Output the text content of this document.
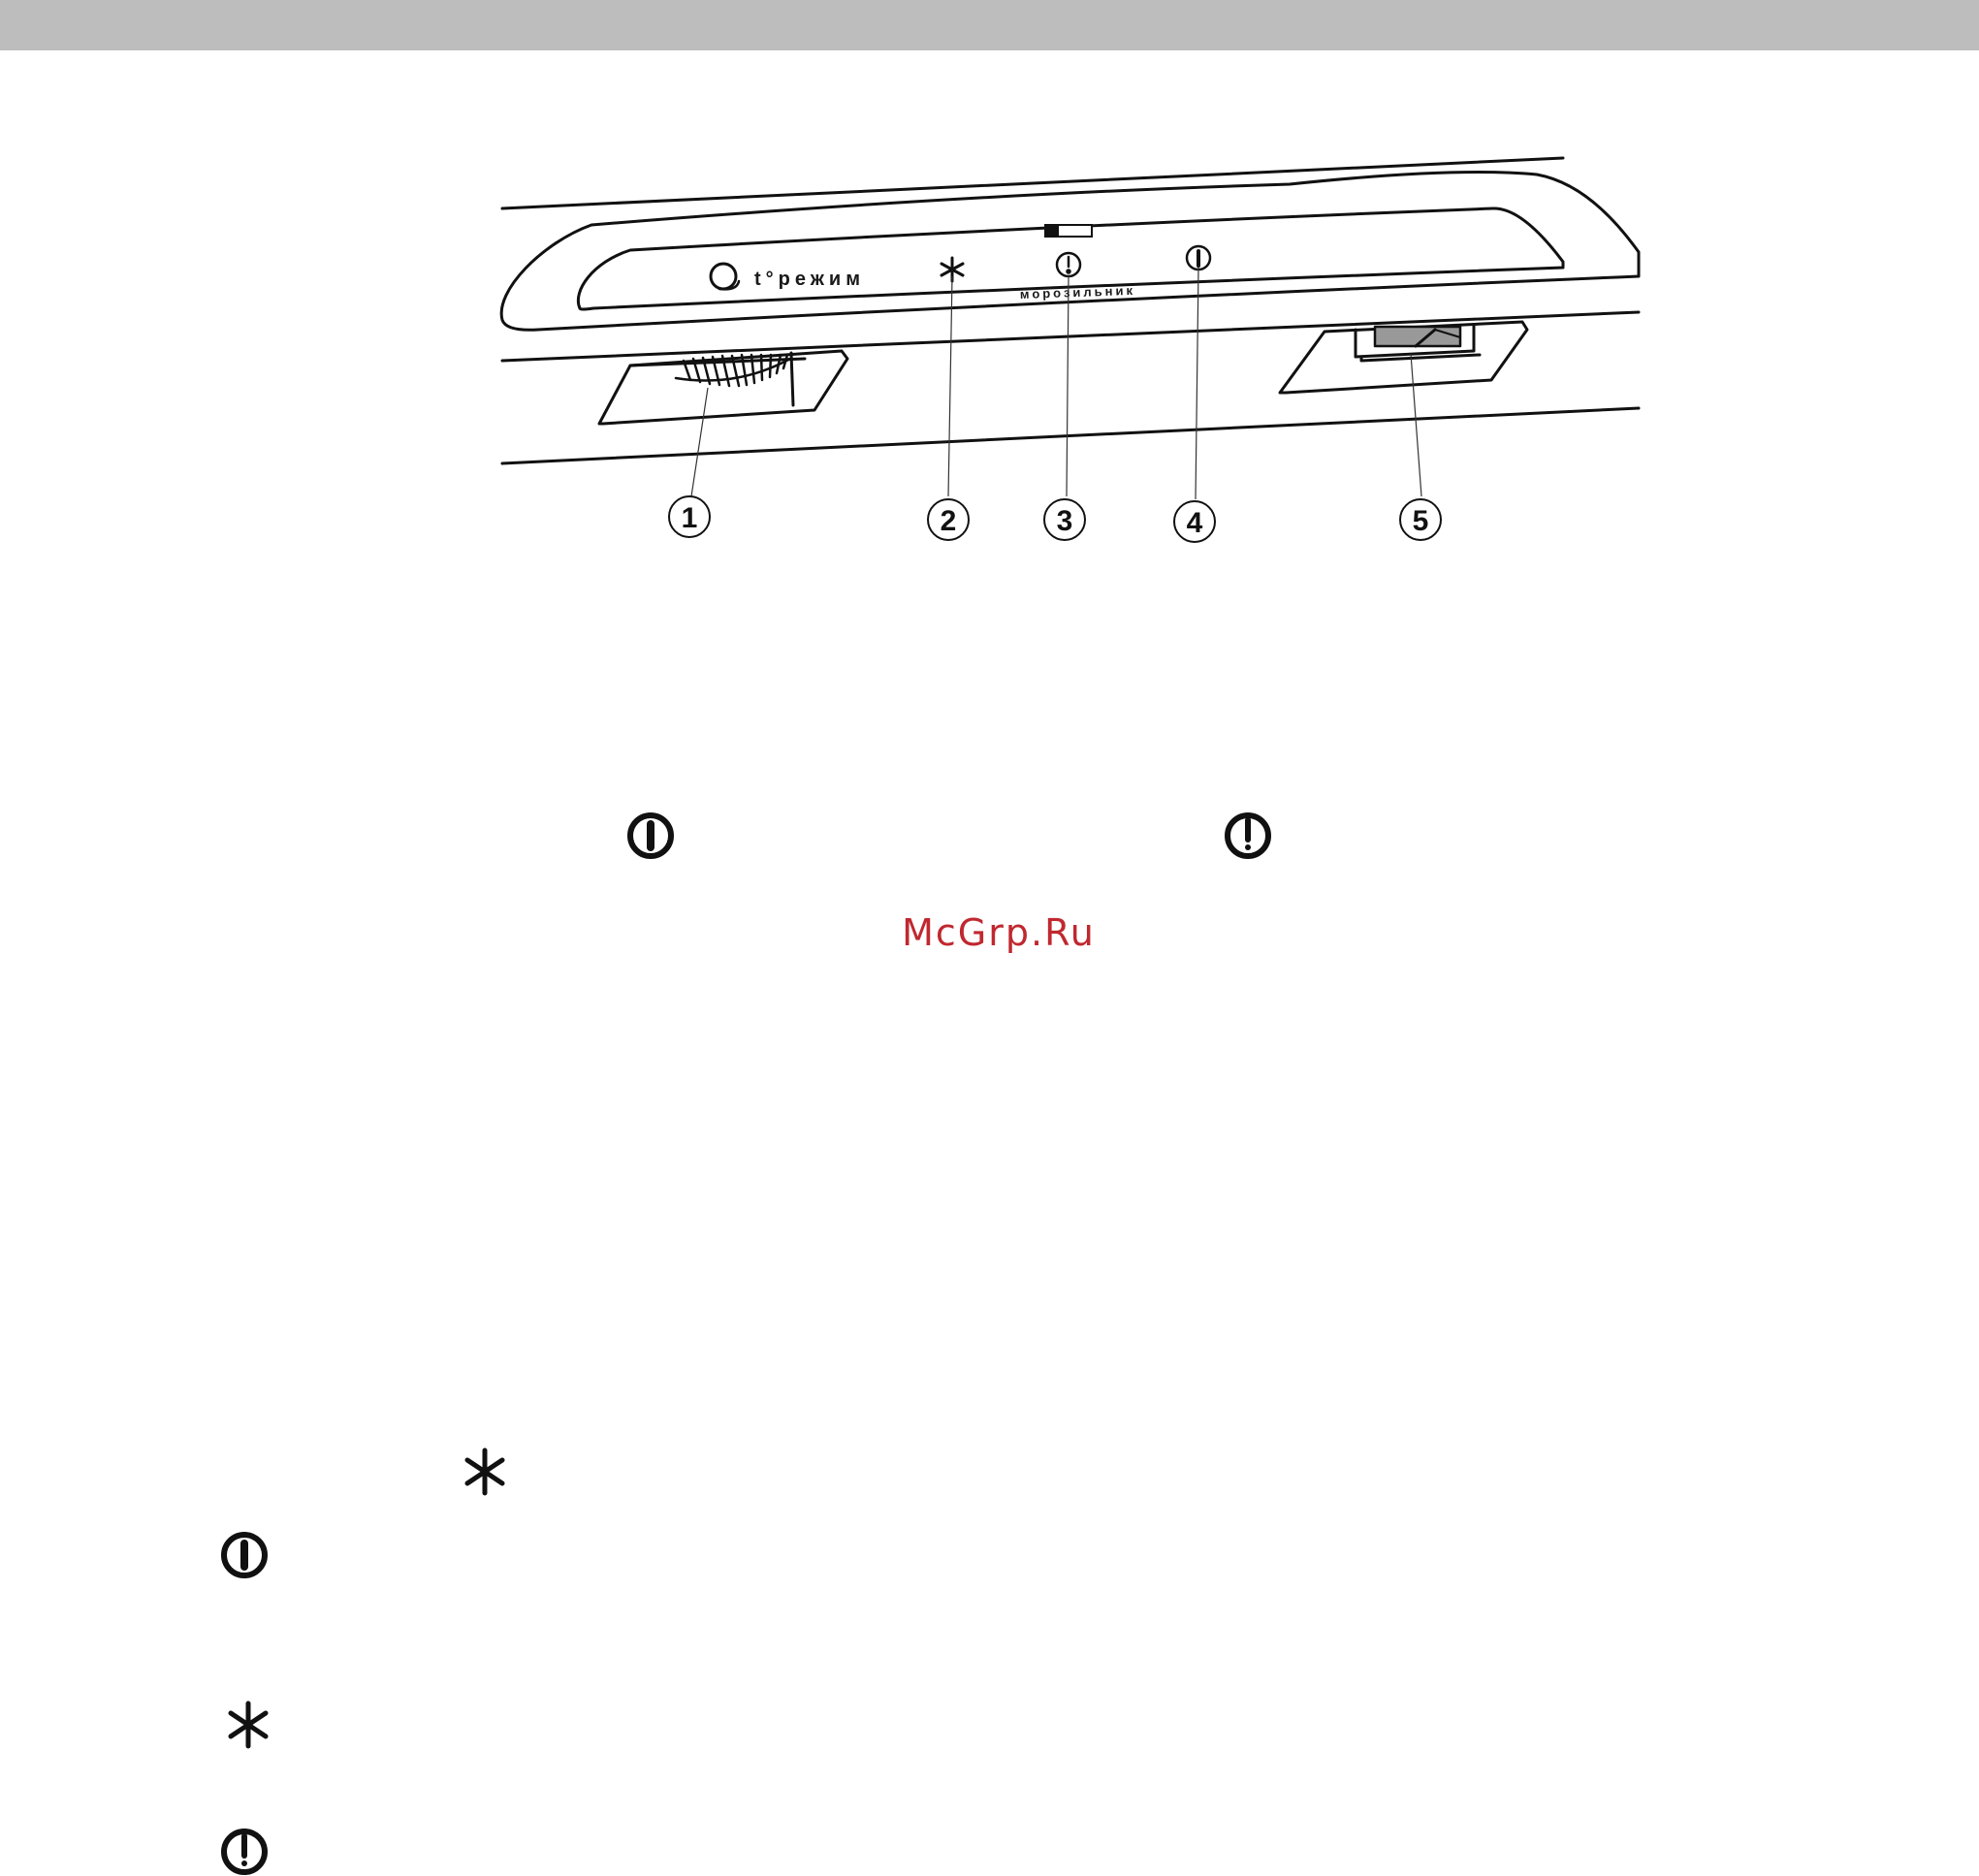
t°режим
морозильник
1	2	3	4	5
McGrp.Ru
